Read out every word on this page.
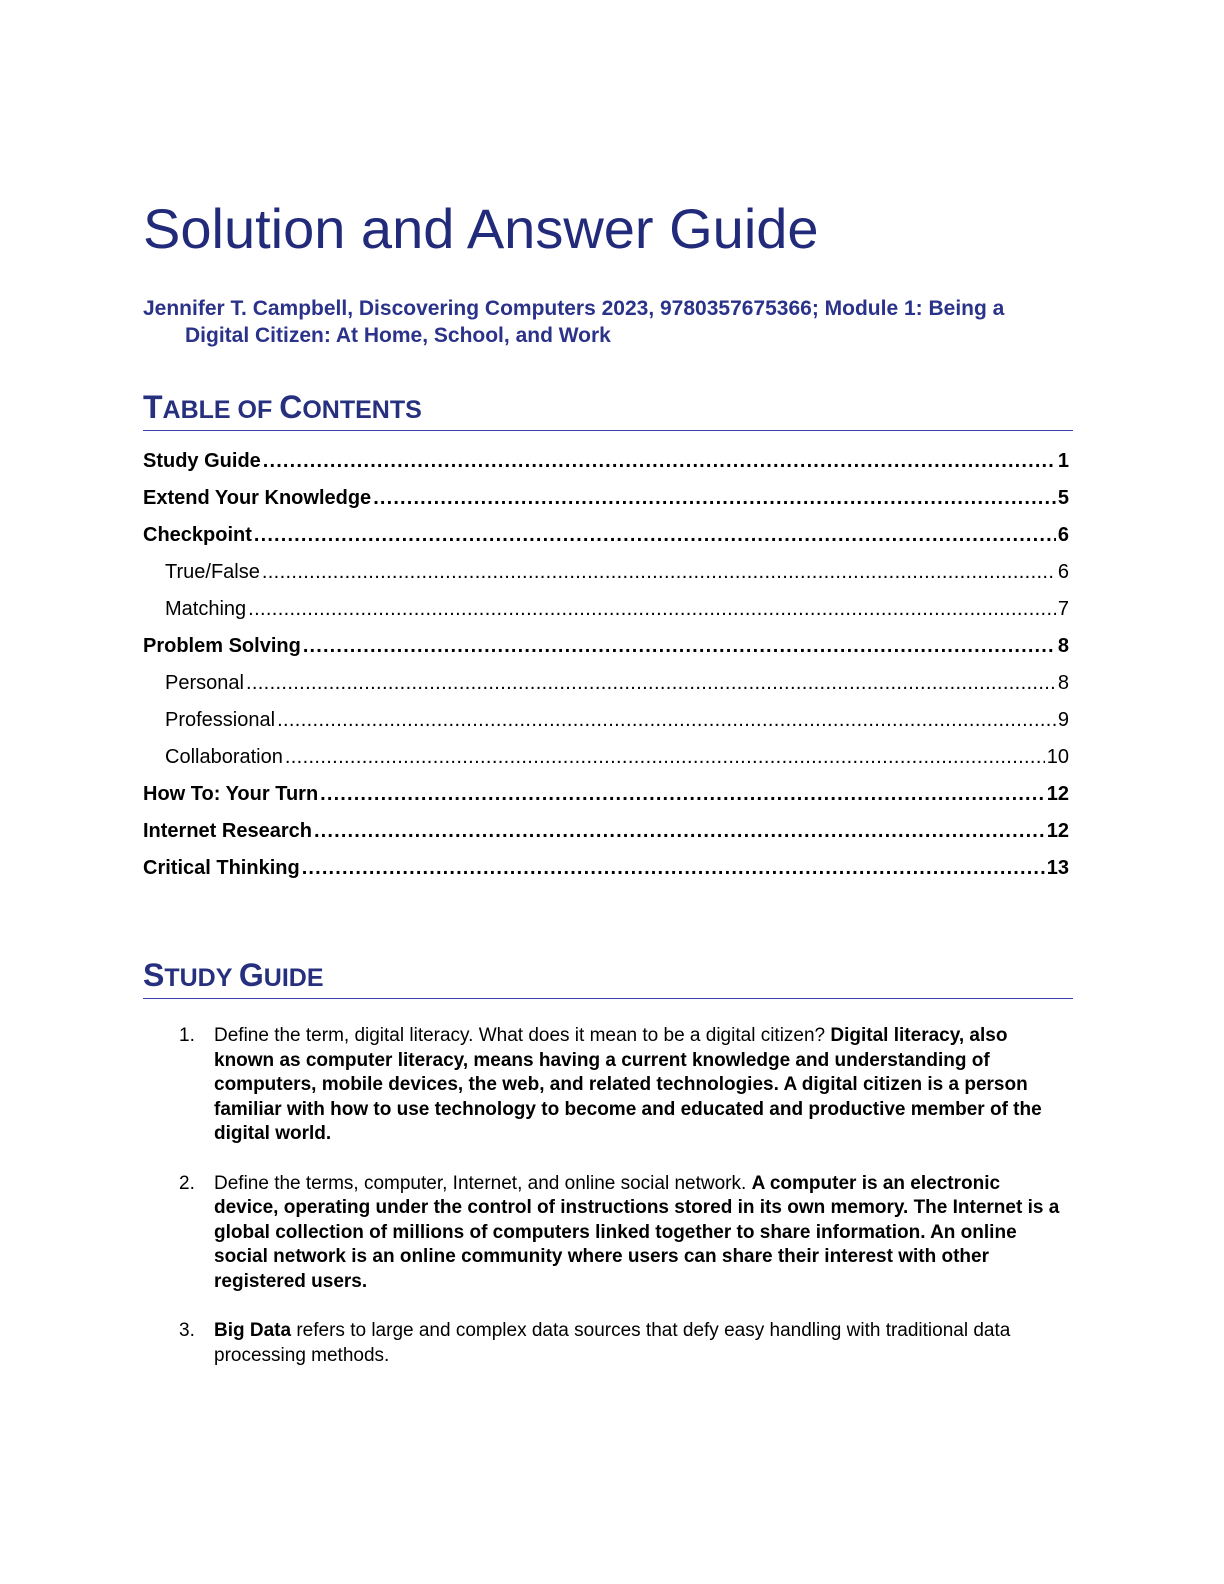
Solution and Answer Guide

Jennifer T. Campbell, Discovering Computers 2023, 9780357675366; Module 1: Being a Digital Citizen: At Home, School, and Work

TABLE OF CONTENTS
Study Guide . . .	1
Extend Your Knowledge . . .	5
Checkpoint . . .	6
True/False . . .	6
Matching . . .	7
Problem Solving . . .	8
Personal . . .	8
Professional . . .	9
Collaboration . . .	10
How To: Your Turn . . .	12
Internet Research . . .	12
Critical Thinking . . .	13
STUDY GUIDE
1.	Define the term, digital literacy. What does it mean to be a digital citizen? Digital literacy, also known as computer literacy, means having a current knowledge and understanding of computers, mobile devices, the web, and related technologies. A digital citizen is a person familiar with how to use technology to become and educated and productive member of the digital world.
2.	Define the terms, computer, Internet, and online social network. A computer is an electronic device, operating under the control of instructions stored in its own memory. The Internet is a global collection of millions of computers linked together to share information. An online social network is an online community where users can share their interest with other registered users.
3.	Big Data refers to large and complex data sources that defy easy handling with traditional data processing methods.
